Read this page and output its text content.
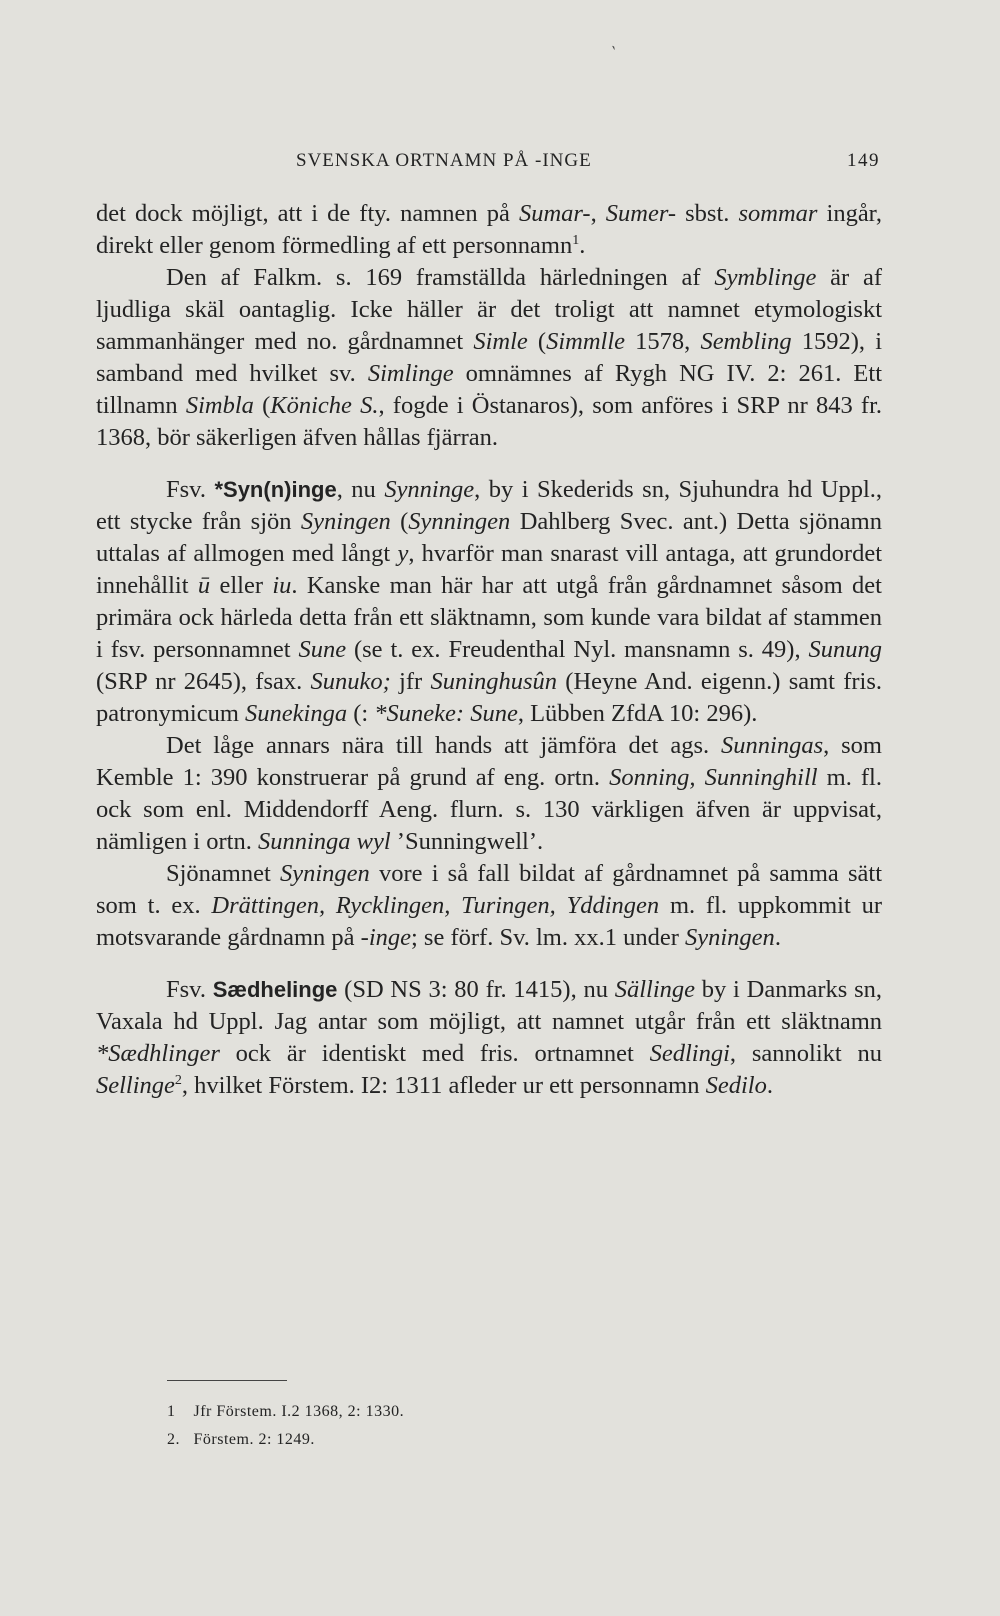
ˎ
SVENSKA ORTNAMN PÅ -INGE	149

det dock möjligt, att i de fty. namnen på Sumar-, Sumer- sbst. sommar ingår, direkt eller genom förmedling af ett personnamn$^1$.

Den af Falkm. s. 169 framställda härledningen af Symblinge är af ljudliga skäl oantaglig. Icke häller är det troligt att namnet etymologiskt sammanhänger med no. gårdnamnet Simle (Simmlle 1578, Sembling 1592), i samband med hvilket sv. Simlinge omnämnes af Rygh NG IV. 2: 261. Ett tillnamn Simbla (Köniche S., fogde i Östanaros), som anföres i SRP nr 843 fr. 1368, bör säkerligen äfven hållas fjärran.

Fsv. *Syn(n)inge, nu Synninge, by i Skederids sn, Sjuhundra hd Uppl., ett stycke från sjön Syningen (Synningen Dahlberg Svec. ant.) Detta sjönamn uttalas af allmogen med långt y, hvarför man snarast vill antaga, att grundordet innehållit ū eller iu. Kanske man här har att utgå från gårdnamnet såsom det primära ock härleda detta från ett släktnamn, som kunde vara bildat af stammen i fsv. personnamnet Sune (se t. ex. Freudenthal Nyl. mansnamn s. 49), Sunung (SRP nr 2645), fsax. Sunuko; jfr Suninghusûn (Heyne And. eigenn.) samt fris. patronymicum Sunekinga (: *Suneke: Sune, Lübben ZfdA 10: 296).

Det låge annars nära till hands att jämföra det ags. Sunningas, som Kemble 1: 390 konstruerar på grund af eng. ortn. Sonning, Sunninghill m. fl. ock som enl. Middendorff Aeng. flurn. s. 130 värkligen äfven är uppvisat, nämligen i ortn. Sunninga wyl ’Sunningwell’.

Sjönamnet Syningen vore i så fall bildat af gårdnamnet på samma sätt som t. ex. Drättingen, Rycklingen, Turingen, Yddingen m. fl. uppkommit ur motsvarande gårdnamn på -inge; se förf. Sv. lm. xx.1 under Syningen.

Fsv. Sædhelinge (SD NS 3: 80 fr. 1415), nu Sällinge by i Danmarks sn, Vaxala hd Uppl. Jag antar som möjligt, att namnet utgår från ett släktnamn *Sædhlinger ock är identiskt med fris. ortnamnet Sedlingi, sannolikt nu Sellinge$^2$, hvilket Förstem. I2: 1311 afleder ur ett personnamn Sedilo.

1 Jfr Förstem. I.2 1368, 2: 1330.
2. Förstem. 2: 1249.
